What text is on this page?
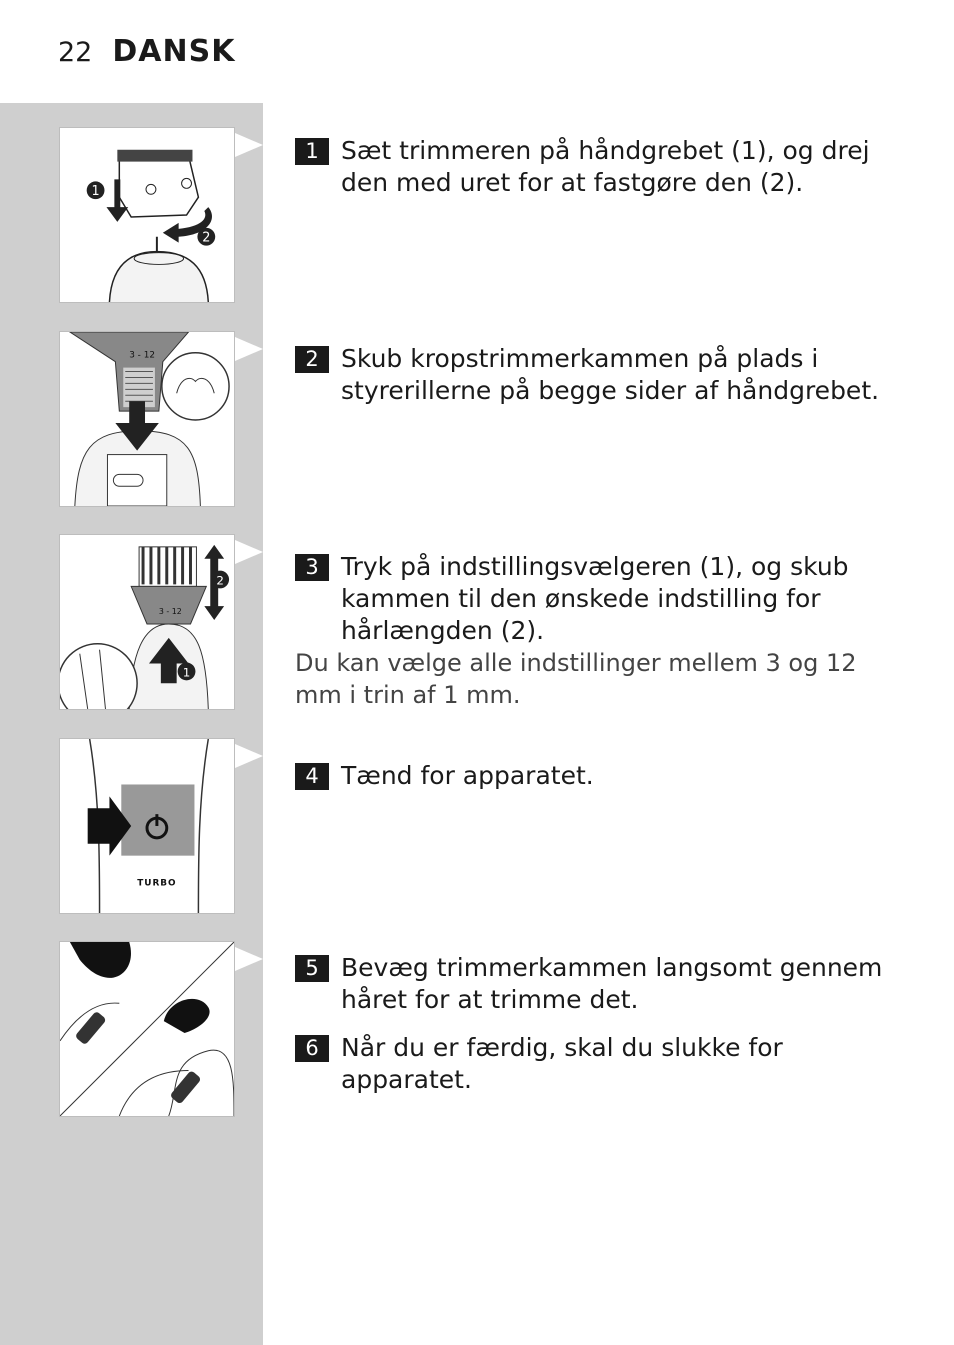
22 DANSK
1
2
3 - 12
3 - 12
2
1
TURBO
1 Sæt trimmeren på håndgrebet (1), og drej den med uret for at fastgøre den (2).
2 Skub kropstrimmerkammen på plads i styrerillerne på begge sider af håndgrebet.
3 Tryk på indstillingsvælgeren (1), og skub kammen til den ønskede indstilling for hårlængden (2).
Du kan vælge alle indstillinger mellem 3 og 12 mm i trin af 1 mm.
4 Tænd for apparatet.
5 Bevæg trimmerkammen langsomt gennem håret for at trimme det.
6 Når du er færdig, skal du slukke for apparatet.
